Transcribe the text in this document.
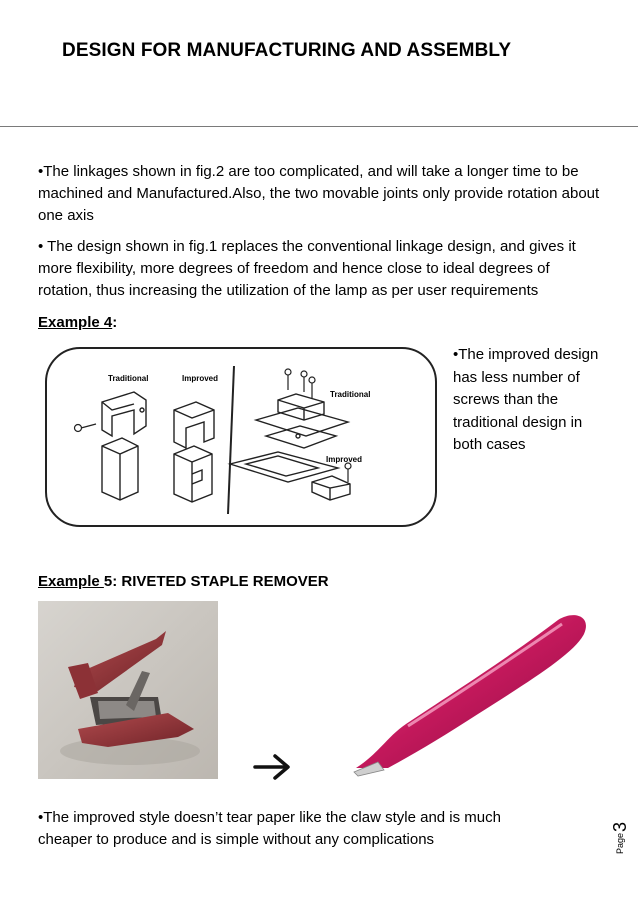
DESIGN FOR MANUFACTURING AND ASSEMBLY
•The linkages shown in fig.2 are too complicated, and will take a longer time to be machined and Manufactured.Also, the two movable joints only provide rotation about one axis
• The design shown in fig.1 replaces the conventional linkage design, and gives it more flexibility, more degrees of freedom and hence close to ideal degrees of rotation, thus increasing the utilization of the lamp as per user requirements
Example 4:
Traditional	Improved
Traditional
Improved
•The improved design has less number of screws than the traditional design in both cases
Example 5: RIVETED STAPLE REMOVER
•The improved style doesn’t tear paper like the claw style and is much cheaper to produce and is simple without any complications	Page
3
